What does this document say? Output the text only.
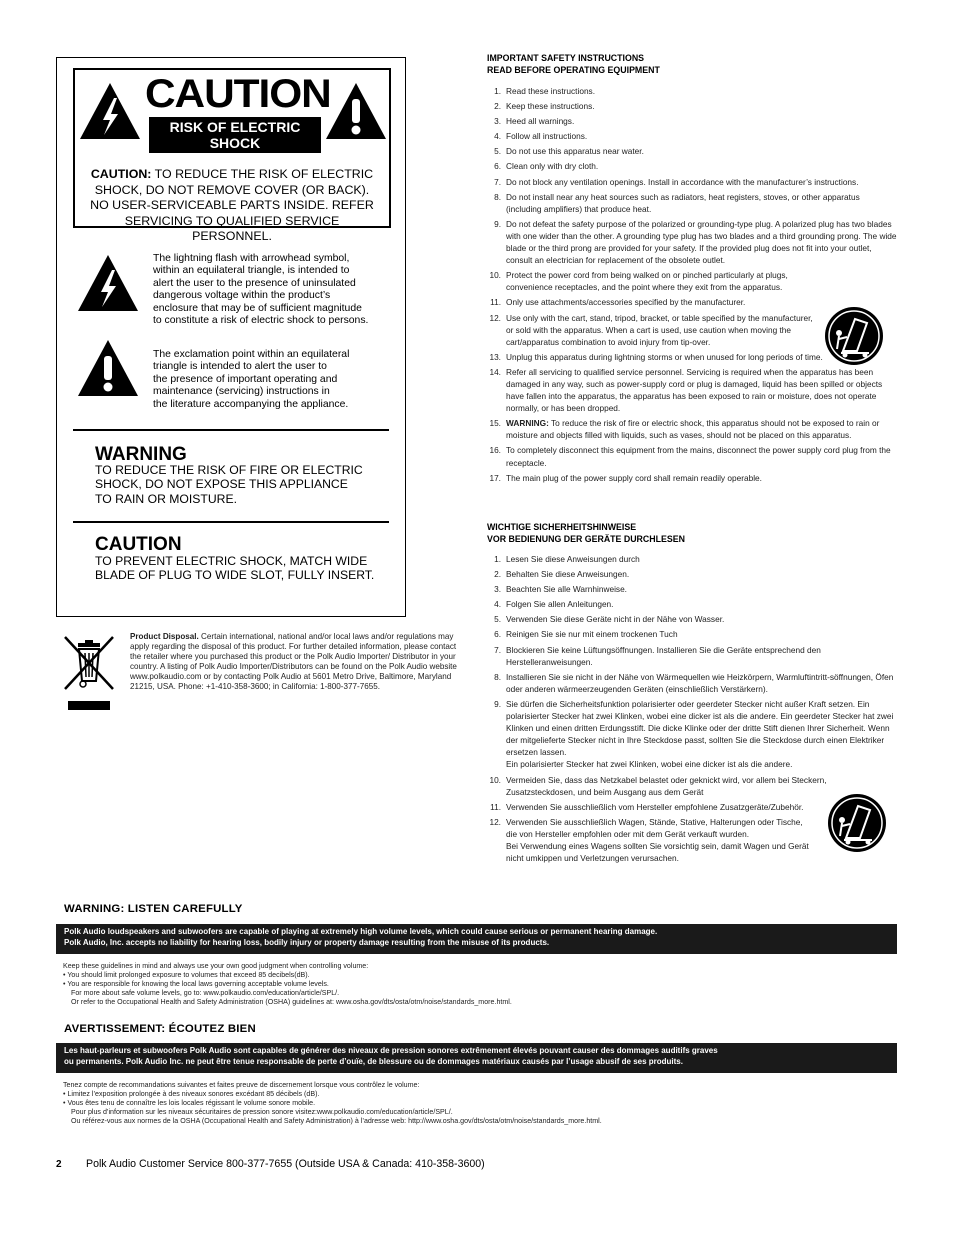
CAUTION
RISK OF ELECTRIC SHOCK
DO NOT OPEN
CAUTION: TO REDUCE THE RISK OF ELECTRIC
SHOCK, DO NOT REMOVE COVER (OR BACK).
NO USER-SERVICEABLE PARTS INSIDE. REFER
SERVICING TO QUALIFIED SERVICE PERSONNEL.
The lightning flash with arrowhead symbol,
within an equilateral triangle, is intended to
alert the user to the presence of uninsulated
dangerous voltage within the product’s
enclosure that may be of sufficient magnitude
to constitute a risk of electric shock to persons.
The exclamation point within an equilateral
triangle is intended to alert the user to
the presence of important operating and
maintenance (servicing) instructions in
the literature accompanying the appliance.
WARNING
TO REDUCE THE RISK OF FIRE OR ELECTRIC
SHOCK, DO NOT EXPOSE THIS APPLIANCE
TO RAIN OR MOISTURE.
CAUTION
TO PREVENT ELECTRIC SHOCK, MATCH WIDE
BLADE OF PLUG TO WIDE SLOT, FULLY INSERT.
Product Disposal. Certain international, national and/or local laws and/or regulations may apply regarding the disposal of this product. For further detailed information, please contact the retailer where you purchased this product or the Polk Audio Importer/ Distributor in your country. A listing of Polk Audio Importer/Distributors can be found on the Polk Audio website www.polkaudio.com or by contacting Polk Audio at 5601 Metro Drive, Baltimore, Maryland 21215, USA. Phone: +1-410-358-3600; in California: 1-800-377-7655.
IMPORTANT SAFETY INSTRUCTIONS
READ BEFORE OPERATING EQUIPMENT
1. Read these instructions.
2. Keep these instructions.
3. Heed all warnings.
4. Follow all instructions.
5. Do not use this apparatus near water.
6. Clean only with dry cloth.
7. Do not block any ventilation openings. Install in accordance with the manufacturer’s instructions.
8. Do not install near any heat sources such as radiators, heat registers, stoves, or other apparatus (including amplifiers) that produce heat.
9. Do not defeat the safety purpose of the polarized or grounding-type plug. A polarized plug has two blades with one wider than the other. A grounding type plug has two blades and a third grounding prong. The wide blade or the third prong are provided for your safety. If the provided plug does not fit into your outlet, consult an electrician for replacement of the obsolete outlet.
10. Protect the power cord from being walked on or pinched particularly at plugs, convenience receptacles, and the point where they exit from the apparatus.
11. Only use attachments/accessories specified by the manufacturer.
12. Use only with the cart, stand, tripod, bracket, or table specified by the manufacturer, or sold with the apparatus. When a cart is used, use caution when moving the cart/apparatus combination to avoid injury from tip-over.
13. Unplug this apparatus during lightning storms or when unused for long periods of time.
14. Refer all servicing to qualified service personnel. Servicing is required when the apparatus has been damaged in any way, such as power-supply cord or plug is damaged, liquid has been spilled or objects have fallen into the apparatus, the apparatus has been exposed to rain or moisture, does not operate normally, or has been dropped.
15. WARNING: To reduce the risk of fire or electric shock, this apparatus should not be exposed to rain or moisture and objects filled with liquids, such as vases, should not be placed on this apparatus.
16. To completely disconnect this equipment from the mains, disconnect the power supply cord plug from the receptacle.
17. The main plug of the power supply cord shall remain readily operable.
WICHTIGE SICHERHEITSHINWEISE
VOR BEDIENUNG DER GERÄTE DURCHLESEN
1. Lesen Sie diese Anweisungen durch
2. Behalten Sie diese Anweisungen.
3. Beachten Sie alle Warnhinweise.
4. Folgen Sie allen Anleitungen.
5. Verwenden Sie diese Geräte nicht in der Nähe von Wasser.
6. Reinigen Sie sie nur mit einem trockenen Tuch
7. Blockieren Sie keine Lüftungsöffnungen. Installieren Sie die Geräte entsprechend den Herstelleranweisungen.
8. Installieren Sie sie nicht in der Nähe von Wärmequellen wie Heizkörpern, Warmluftintritt-söffnungen, Öfen oder anderen wärmeerzeugenden Geräten (einschließlich Verstärkern).
9. Sie dürfen die Sicherheitsfunktion polarisierter oder geerdeter Stecker nicht außer Kraft setzen. Ein polarisierter Stecker hat zwei Klinken, wobei eine dicker ist als die andere. Ein geerdeter Stecker hat zwei Klinken und einen dritten Erdungsstift. Die dicke Klinke oder der dritte Stift dienen Ihrer Sicherheit. Wenn der mitgelieferte Stecker nicht in Ihre Steckdose passt, sollten Sie die Steckdose durch einen Elektriker ersetzen lassen.
Ein polarisierter Stecker hat zwei Klinken, wobei eine dicker ist als die andere.
10. Vermeiden Sie, dass das Netzkabel belastet oder geknickt wird, vor allem bei Steckern, Zusatzsteckdosen, und beim Ausgang aus dem Gerät
11. Verwenden Sie ausschließlich vom Hersteller empfohlene Zusatzgeräte/Zubehör.
12. Verwenden Sie ausschließlich Wagen, Stände, Stative, Halterungen oder Tische, die von Hersteller empfohlen oder mit dem Gerät verkauft wurden.
Bei Verwendung eines Wagens sollten Sie vorsichtig sein, damit Wagen und Gerät nicht umkippen und Verletzungen verursachen.
WARNING: LISTEN CAREFULLY
Polk Audio loudspeakers and subwoofers are capable of playing at extremely high volume levels, which could cause serious or permanent hearing damage.
Polk Audio, Inc. accepts no liability for hearing loss, bodily injury or property damage resulting from the misuse of its products.
Keep these guidelines in mind and always use your own good judgment when controlling volume:
• You should limit prolonged exposure to volumes that exceed 85 decibels(dB).
• You are responsible for knowing the local laws governing acceptable volume levels.
For more about safe volume levels, go to: www.polkaudio.com/education/article/SPL/.
Or refer to the Occupational Health and Safety Administration (OSHA) guidelines at: www.osha.gov/dts/osta/otm/noise/standards_more.html.
AVERTISSEMENT: ÉCOUTEZ BIEN
Les haut-parleurs et subwoofers Polk Audio sont capables de générer des niveaux de pression sonores extrêmement élevés pouvant causer des dommages auditifs graves
ou permanents. Polk Audio Inc. ne peut être tenue responsable de perte d’ouïe, de blessure ou de dommages matériaux causés par l’usage abusif de ses produits.
Tenez compte de recommandations suivantes et faites preuve de discernement lorsque vous contrôlez le volume:
• Limitez l’exposition prolongée à des niveaux sonores excédant 85 décibels (dB).
• Vous êtes tenu de connaître les lois locales régissant le volume sonore mobile.
Pour plus d’information sur les niveaux sécuritaires de pression sonore visitez:www.polkaudio.com/education/article/SPL/.
Ou référez-vous aux normes de la OSHA (Occupational Health and Safety Administration) à l’adresse web: http://www.osha.gov/dts/osta/otm/noise/standards_more.html.
2 Polk Audio Customer Service 800-377-7655 (Outside USA & Canada: 410-358-3600)
